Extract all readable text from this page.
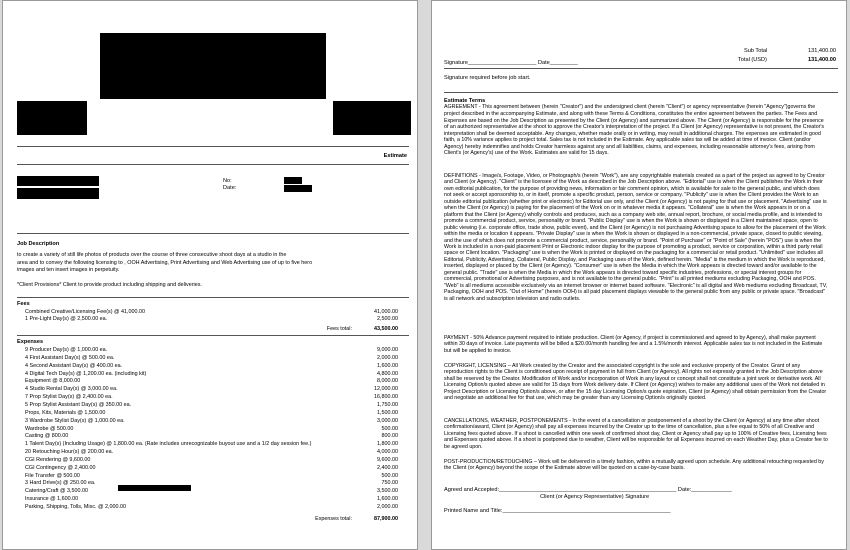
Estimate
No:
Date:
Job Description
to create a variety of still life photos of products over the course of three consecutive shoot days at a studio in the
area and to convey the following licensing to , OOH Advertising, Print Advertising and Web Advertising use of up to five hero
images and ten insert images in perpetuity.
*Client Provisions* Client to provide product including shipping and deliveries.
Fees
Combined Creative/Licensing Fee(s) @ 41,000.00	41,000.00
1 Pre-Light Day(s) @ 2,500.00 ea.	2,500.00
43,500.00
Fees total:
Expenses
9 Producer Day(s) @ 1,000.00 ea.	9,000.00
4 First Assistant Day(s) @ 500.00 ea.	2,000.00
4 Second Assistant Day(s) @ 400.00 ea.	1,600.00
4 Digital Tech Day(s) @ 1,200.00 ea. (including kit)	4,800.00
Equipment @ 8,000.00	8,000.00
4 Studio Rental Day(s) @ 3,000.00 ea.	12,000.00
7 Prop Stylist Day(s) @ 2,400.00 ea.	16,800.00
5 Prop Stylist Assistant Day(s) @ 350.00 ea.	1,750.00
Props, Kits, Materials @ 1,500.00	1,500.00
3 Wardrobe Stylist Day(s) @ 1,000.00 ea.	3,000.00
Wardrobe @ 500.00	500.00
Casting @ 800.00	800.00
1 Talent Day(s) (Including Usage) @ 1,800.00 ea. (Rate includes unrecognizable buyout use and a 1/2 day session fee.)	1,800.00
20 Retouching Hour(s) @ 200.00 ea.	4,000.00
CGI Rendering @ 9,600.00	9,600.00
CGI Contingency @ 2,400.00	2,400.00
File Transfer @ 500.00	500.00
3 Hard Drive(s) @ 250.00 ea.	750.00
Catering/Craft @ 3,500.00	3,500.00
Insurance @ 1,600.00	1,600.00
Parking, Shipping, Tolls, Misc. @ 2,000.00	2,000.00
87,900.00
Expenses total:
Sub Total	131,400.00
Total (USD)	131,400.00
Signature______________________ Date_________
Signature required before job start.
Estimate Terms
AGREEMENT - This agreement between (herein "Creator") and the undersigned client (herein "Client") or agency representative (herein "Agency")governs the project described in the accompanying Estimate, and along with these Terms & Conditions, constitutes the entire agreement between the parties. The Fees and Expenses are based on the Job Description as presented by the Client (or Agency) and summarized above. The Client (or Agency) is responsible for the presence of an authorized representative at the shoot to approve the Creator's interpretation of the project. If a Client (or Agency) representative is not present, the Creator's interpretation shall be deemed acceptable. Any changes, whether made orally or in writing, may result in additional charges. The expenses are estimated in good faith, a 10% variance applies to project total. Sales tax is not included in the Estimate. Any applicable sales tax will be added at time of invoice. Client (and/or Agency) hereby indemnifies and holds Creator harmless against any and all liabilities, claims, and expenses, including reasonable attorney's fees, arising from Client's (or Agency's) use of the Work. Estimates are valid for 15 days.
DEFINITIONS - Image/s, Footage, Video, or Photograph/s (herein "Work"), are any copyrightable materials created as a part of the project as agreed to by Creator and Client (or Agency). "Client" is the licensee of the Work as described in the Job Description above. "Editorial" use is when the Client publishes the Work in their own editorial publication, for the purpose of providing news, information or fair comment opinion, which is available for sale to the general public, and which does not seek or accept sponsorship to, or in itself, promote a specific product, person, service or company. "Publicity" use is when the Client provides the Work to an outside editorial publication (whether print or electronic) for Editorial use only, and the Client (or Agency) is not paying for that use or placement. "Advertising" use is when the Client (or Agency) is paying for the placement of the Work on or in whatever media it appears. "Collateral" use is when the Work appears in or on a platform that the Client (or Agency) wholly controls and produces, such as a company web site, annual report, brochure, or social media profile, and is intended to promote a commercial product, service, personality or brand. "Public Display" use is when the Work is shown or displayed in a Client maintained space, open to public viewing (i.e. corporate office, trade show, public event), and the Client (or Agency) is not purchasing Advertising space to allow for the placement of the Work within the media or location it appears. "Private Display" use is when the Work is shown or displayed in a non-commercial, private space, closed to public viewing, and the use of which does not promote a commercial product, service, personality or brand. "Point of Purchase" or "Point of Sale" (herein "POS") use is when the Work is included in a non-paid placement Print or Electronic indoor display for the purpose of promoting a product, service or corporation, within a third party retail space or Client location. "Packaging" use is when the Work is printed or displayed on the packaging for a commercial or retail product. "Unlimited" use includes all Editorial, Publicity, Advertising, Collateral, Public Display, and Packaging uses of the Work, defined herein. "Media" is the medium in which the Work is reproduced, inserted, displayed or placed by the Client (or Agency). "Consumer" use is when the Media in which the Work appears is directed toward and/or available to the general public. "Trade" use is when the Media in which the Work appears is directed toward specific industries, professions, or special interest groups for commercial, promotional or Advertising purposes, and is not available to the general public. "Print" is all printed mediums excluding Packaging, OOH and POS. "Web" is all mediums accessible exclusively via an internet browser or internet based software. "Electronic" is all digital and Web mediums excluding Broadcast, TV, Packaging, OOH and POS. "Out of Home" (herein OOH) is all paid placement displays viewable to the general public from any public or private space. "Broadcast" is all network and subscription television and radio outlets.
PAYMENT - 50% Advance payment required to initiate production. Client (or Agency, if project is commissioned and agreed to by Agency), shall make payment within 30 days of invoice. Late payments will be billed a $20.00/month handling fee and a 1.5%/month interest. Applicable sales tax is not included in the Estimate but will be applied to invoice.
COPYRIGHT, LICENSING – All Work created by the Creator and the associated copyright is the sole and exclusive property of the Creator. Grant of any reproduction rights to the Client is conditioned upon receipt of payment in full from Client (or Agency). All rights not expressly granted in the Job Description above shall be reserved by the Creator. Modification of Work and/or incorporation of Work in any layout or concept shall not constitute a joint work or derivative work. All Licensing Option/s quoted above are valid for 15 days from Work delivery date. If Client (or Agency) wishes to make any additional uses of the Work not detailed in Project Description or Licensing Option/s above, or after the 15 day Licensing Option/s quote expiration, Client (or Agency) shall obtain permission from the Creator and negotiate an additional fee for that use, which may be greater than any Licensing Option/s originally quoted.
CANCELLATIONS, WEATHER, POSTPONEMENTS - In the event of a cancellation or postponement of a shoot by the Client (or Agency) at any time after shoot confirmation/award, Client (or Agency) shall pay all expenses incurred by the Creator up to the time of cancellation, plus a fee equal to 50% of all Creative and Licensing fees quoted above. If a shoot is cancelled within one week of confirmed shoot day, Client or Agency shall pay up to 100% of Creative fees, Licensing fees and Expenses quoted above. If a shoot is postponed due to weather, Client will be responsible for all Expenses incurred on each Weather Day, plus a Creator fee to be agreed upon.
POST-PRODUCTION/RETOUCHING – Work will be delivered in a timely fashion, within a mutually agreed upon schedule. Any additional retouching requested by the Client (or Agency) beyond the scope of the Estimate above will be quoted on a case-by-case basis.
Agreed and Accepted:_________________________________________________________ Date:_____________
Client (or Agency Representative) Signature
Printed Name and Title:______________________________________________________
